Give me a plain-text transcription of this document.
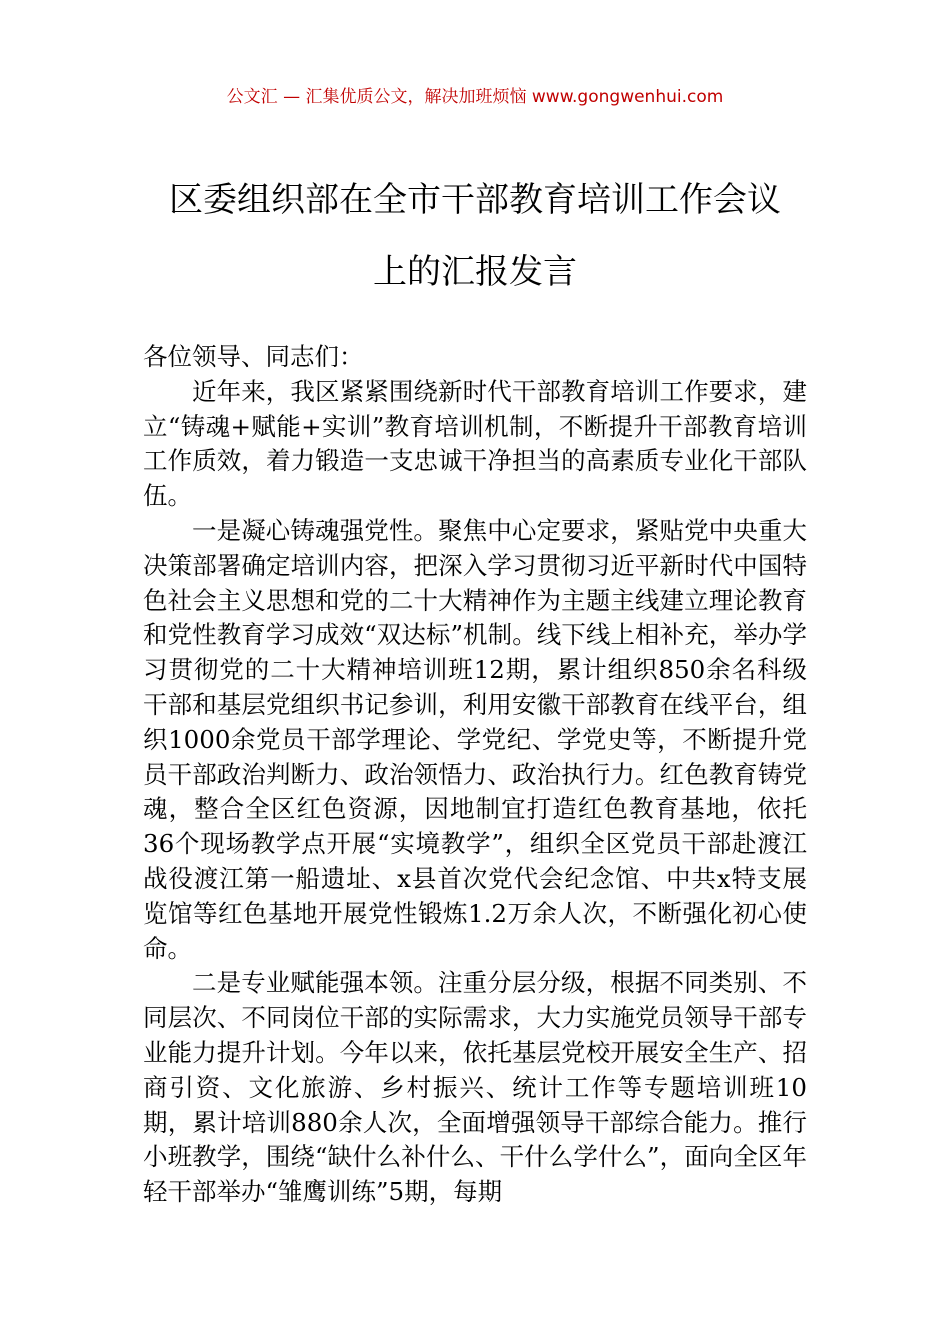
公文汇 — 汇集优质公文，解决加班烦恼 www.gongwenhui.com
区委组织部在全市干部教育培训工作会议
上的汇报发言

各位领导、同志们：

近年来，我区紧紧围绕新时代干部教育培训工作要求，建立“铸魂+赋能+实训”教育培训机制，不断提升干部教育培训工作质效，着力锻造一支忠诚干净担当的高素质专业化干部队伍。

一是凝心铸魂强党性。聚焦中心定要求，紧贴党中央重大决策部署确定培训内容，把深入学习贯彻习近平新时代中国特色社会主义思想和党的二十大精神作为主题主线建立理论教育和党性教育学习成效“双达标”机制。线下线上相补充，举办学习贯彻党的二十大精神培训班12期，累计组织850余名科级干部和基层党组织书记参训，利用安徽干部教育在线平台，组织1000余党员干部学理论、学党纪、学党史等，不断提升党员干部政治判断力、政治领悟力、政治执行力。红色教育铸党魂，整合全区红色资源，因地制宜打造红色教育基地，依托36个现场教学点开展“实境教学”，组织全区党员干部赴渡江战役渡江第一船遗址、x县首次党代会纪念馆、中共x特支展览馆等红色基地开展党性锻炼1.2万余人次，不断强化初心使命。

二是专业赋能强本领。注重分层分级，根据不同类别、不同层次、不同岗位干部的实际需求，大力实施党员领导干部专业能力提升计划。今年以来，依托基层党校开展安全生产、招商引资、文化旅游、乡村振兴、统计工作等专题培训班10期，累计培训880余人次，全面增强领导干部综合能力。推行小班教学，围绕“缺什么补什么、干什么学什么”，面向全区年轻干部举办“雏鹰训练”5期，每期
